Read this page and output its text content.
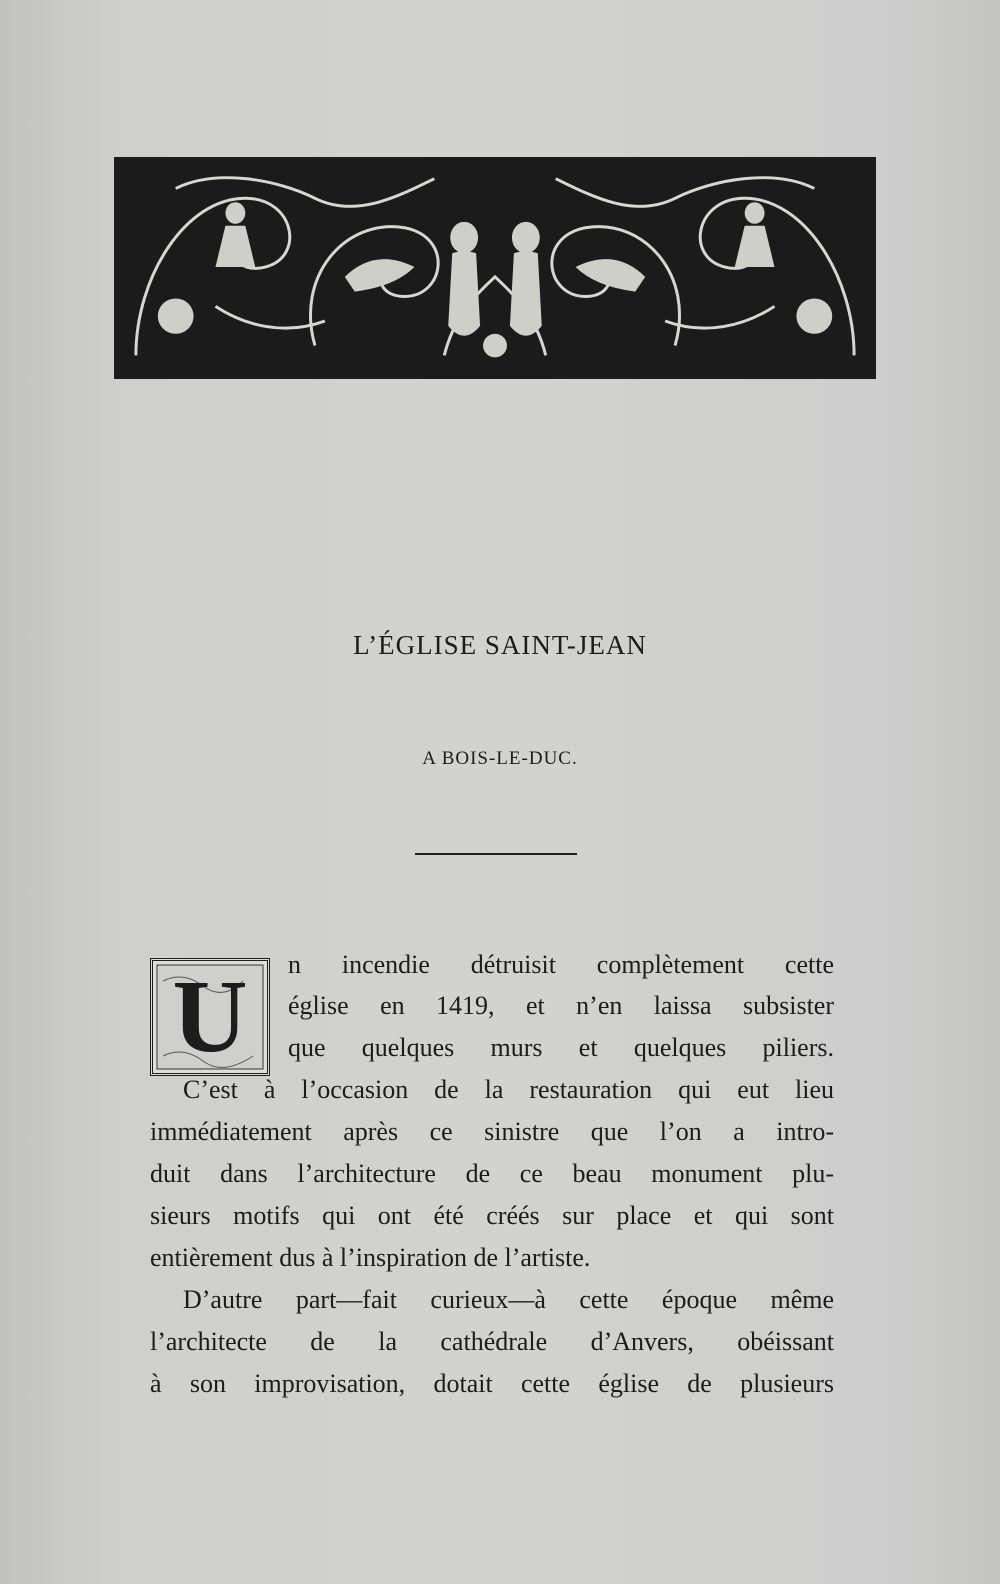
L’ÉGLISE SAINT-JEAN
A BOIS-LE-DUC.
U	n incendie détruisit complètement cette

église en 1419, et n’en laissa subsister

que quelques murs et quelques piliers.

C’est à l’occasion de la restauration qui eut lieu

immédiatement après ce sinistre que l’on a intro-

duit dans l’architecture de ce beau monument plu-

sieurs motifs qui ont été créés sur place et qui sont

entièrement dus à l’inspiration de l’artiste.

D’autre part—fait curieux—à cette époque même

l’architecte de la cathédrale d’Anvers, obéissant

à son improvisation, dotait cette église de plusieurs
